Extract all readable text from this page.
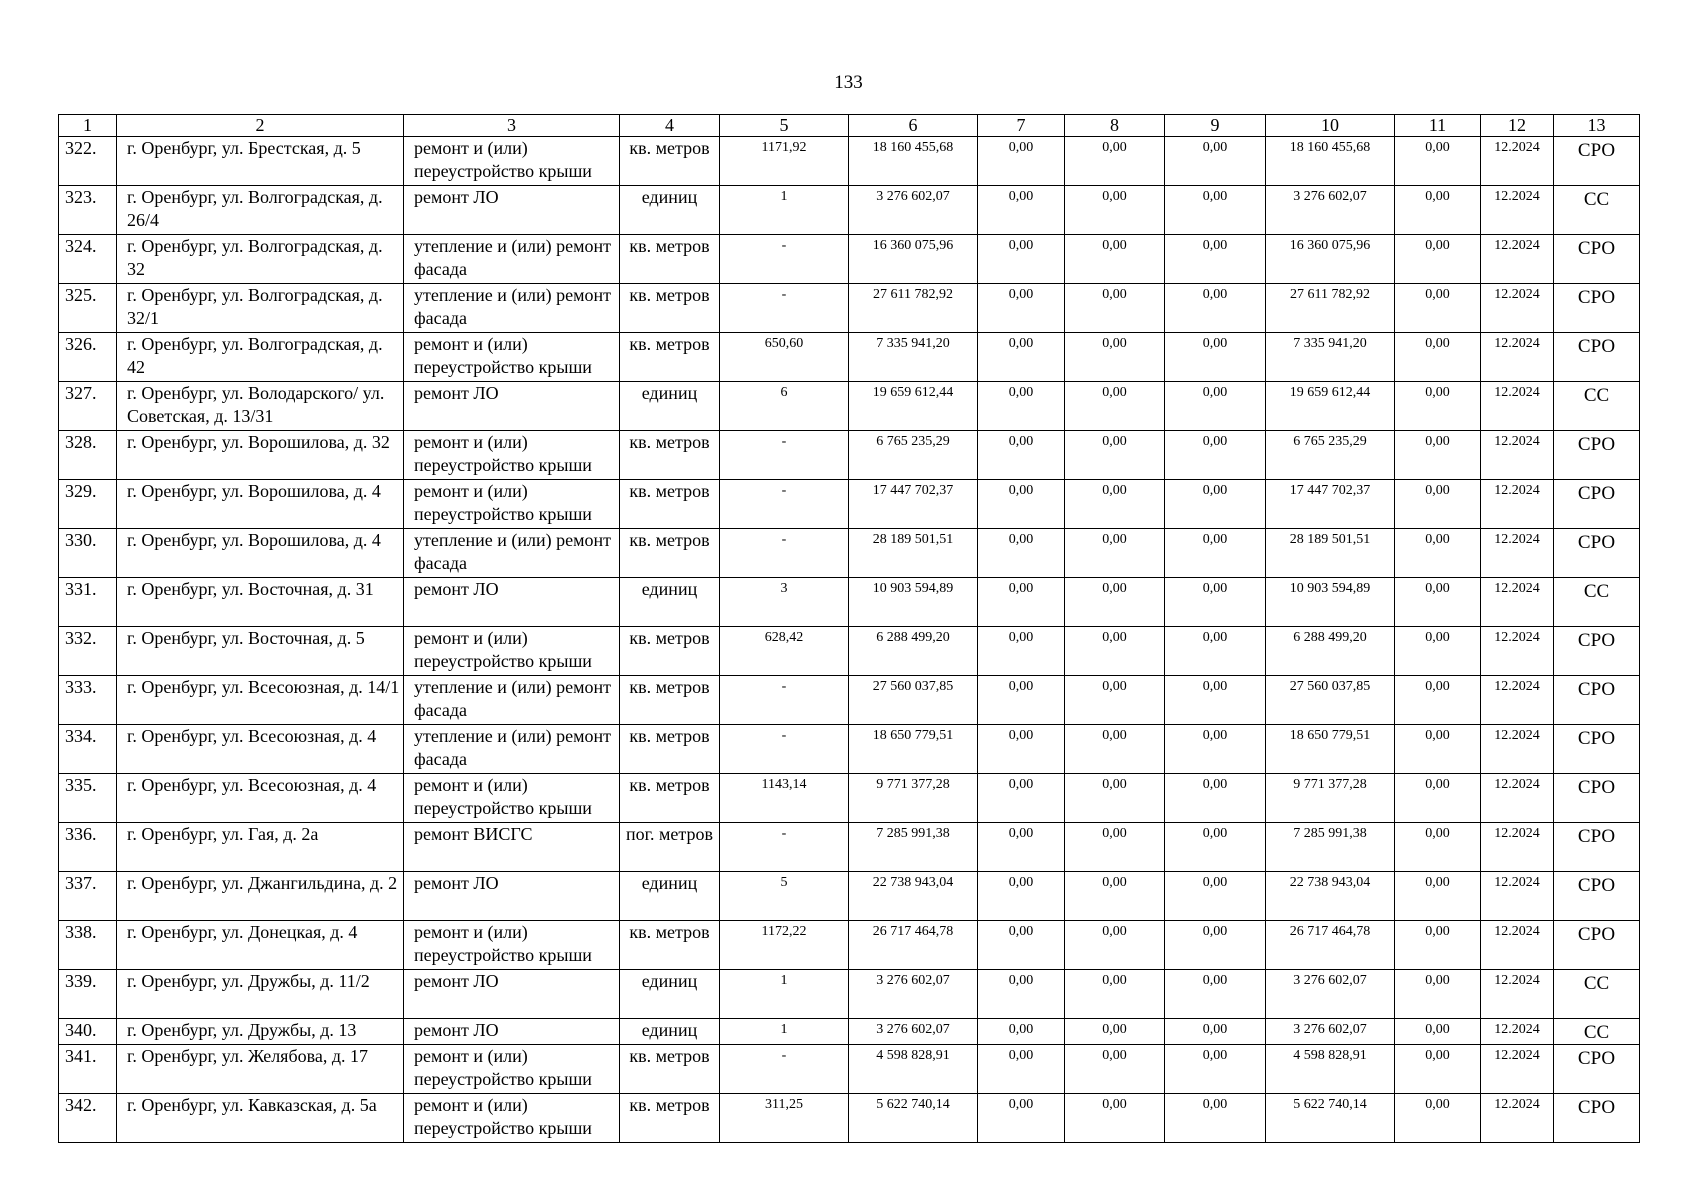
133
1	2	3	4	5	6	7	8	9	10	11	12	13
322.	г. Оренбург, ул. Брестская, д. 5	ремонт и (или) переустройство крыши	кв. метров	1171,92	18 160 455,68	0,00	0,00	0,00	18 160 455,68	0,00	12.2024	СРО
323.	г. Оренбург, ул. Волгоградская, д. 26/4	ремонт ЛО	единиц	1	3 276 602,07	0,00	0,00	0,00	3 276 602,07	0,00	12.2024	СС
324.	г. Оренбург, ул. Волгоградская, д. 32	утепление и (или) ремонт фасада	кв. метров	-	16 360 075,96	0,00	0,00	0,00	16 360 075,96	0,00	12.2024	СРО
325.	г. Оренбург, ул. Волгоградская, д. 32/1	утепление и (или) ремонт фасада	кв. метров	-	27 611 782,92	0,00	0,00	0,00	27 611 782,92	0,00	12.2024	СРО
326.	г. Оренбург, ул. Волгоградская, д. 42	ремонт и (или) переустройство крыши	кв. метров	650,60	7 335 941,20	0,00	0,00	0,00	7 335 941,20	0,00	12.2024	СРО
327.	г. Оренбург, ул. Володарского/ ул. Советская, д. 13/31	ремонт ЛО	единиц	6	19 659 612,44	0,00	0,00	0,00	19 659 612,44	0,00	12.2024	СС
328.	г. Оренбург, ул. Ворошилова, д. 32	ремонт и (или) переустройство крыши	кв. метров	-	6 765 235,29	0,00	0,00	0,00	6 765 235,29	0,00	12.2024	СРО
329.	г. Оренбург, ул. Ворошилова, д. 4	ремонт и (или) переустройство крыши	кв. метров	-	17 447 702,37	0,00	0,00	0,00	17 447 702,37	0,00	12.2024	СРО
330.	г. Оренбург, ул. Ворошилова, д. 4	утепление и (или) ремонт фасада	кв. метров	-	28 189 501,51	0,00	0,00	0,00	28 189 501,51	0,00	12.2024	СРО
331.	г. Оренбург, ул. Восточная, д. 31	ремонт ЛО	единиц	3	10 903 594,89	0,00	0,00	0,00	10 903 594,89	0,00	12.2024	СС
332.	г. Оренбург, ул. Восточная, д. 5	ремонт и (или) переустройство крыши	кв. метров	628,42	6 288 499,20	0,00	0,00	0,00	6 288 499,20	0,00	12.2024	СРО
333.	г. Оренбург, ул. Всесоюзная, д. 14/1	утепление и (или) ремонт фасада	кв. метров	-	27 560 037,85	0,00	0,00	0,00	27 560 037,85	0,00	12.2024	СРО
334.	г. Оренбург, ул. Всесоюзная, д. 4	утепление и (или) ремонт фасада	кв. метров	-	18 650 779,51	0,00	0,00	0,00	18 650 779,51	0,00	12.2024	СРО
335.	г. Оренбург, ул. Всесоюзная, д. 4	ремонт и (или) переустройство крыши	кв. метров	1143,14	9 771 377,28	0,00	0,00	0,00	9 771 377,28	0,00	12.2024	СРО
336.	г. Оренбург, ул. Гая, д. 2а	ремонт ВИСГС	пог. метров	-	7 285 991,38	0,00	0,00	0,00	7 285 991,38	0,00	12.2024	СРО
337.	г. Оренбург, ул. Джангильдина, д. 2	ремонт ЛО	единиц	5	22 738 943,04	0,00	0,00	0,00	22 738 943,04	0,00	12.2024	СРО
338.	г. Оренбург, ул. Донецкая, д. 4	ремонт и (или) переустройство крыши	кв. метров	1172,22	26 717 464,78	0,00	0,00	0,00	26 717 464,78	0,00	12.2024	СРО
339.	г. Оренбург, ул. Дружбы, д. 11/2	ремонт ЛО	единиц	1	3 276 602,07	0,00	0,00	0,00	3 276 602,07	0,00	12.2024	СС
340.	г. Оренбург, ул. Дружбы, д. 13	ремонт ЛО	единиц	1	3 276 602,07	0,00	0,00	0,00	3 276 602,07	0,00	12.2024	СС
341.	г. Оренбург, ул. Желябова, д. 17	ремонт и (или) переустройство крыши	кв. метров	-	4 598 828,91	0,00	0,00	0,00	4 598 828,91	0,00	12.2024	СРО
342.	г. Оренбург, ул. Кавказская, д. 5а	ремонт и (или) переустройство крыши	кв. метров	311,25	5 622 740,14	0,00	0,00	0,00	5 622 740,14	0,00	12.2024	СРО
